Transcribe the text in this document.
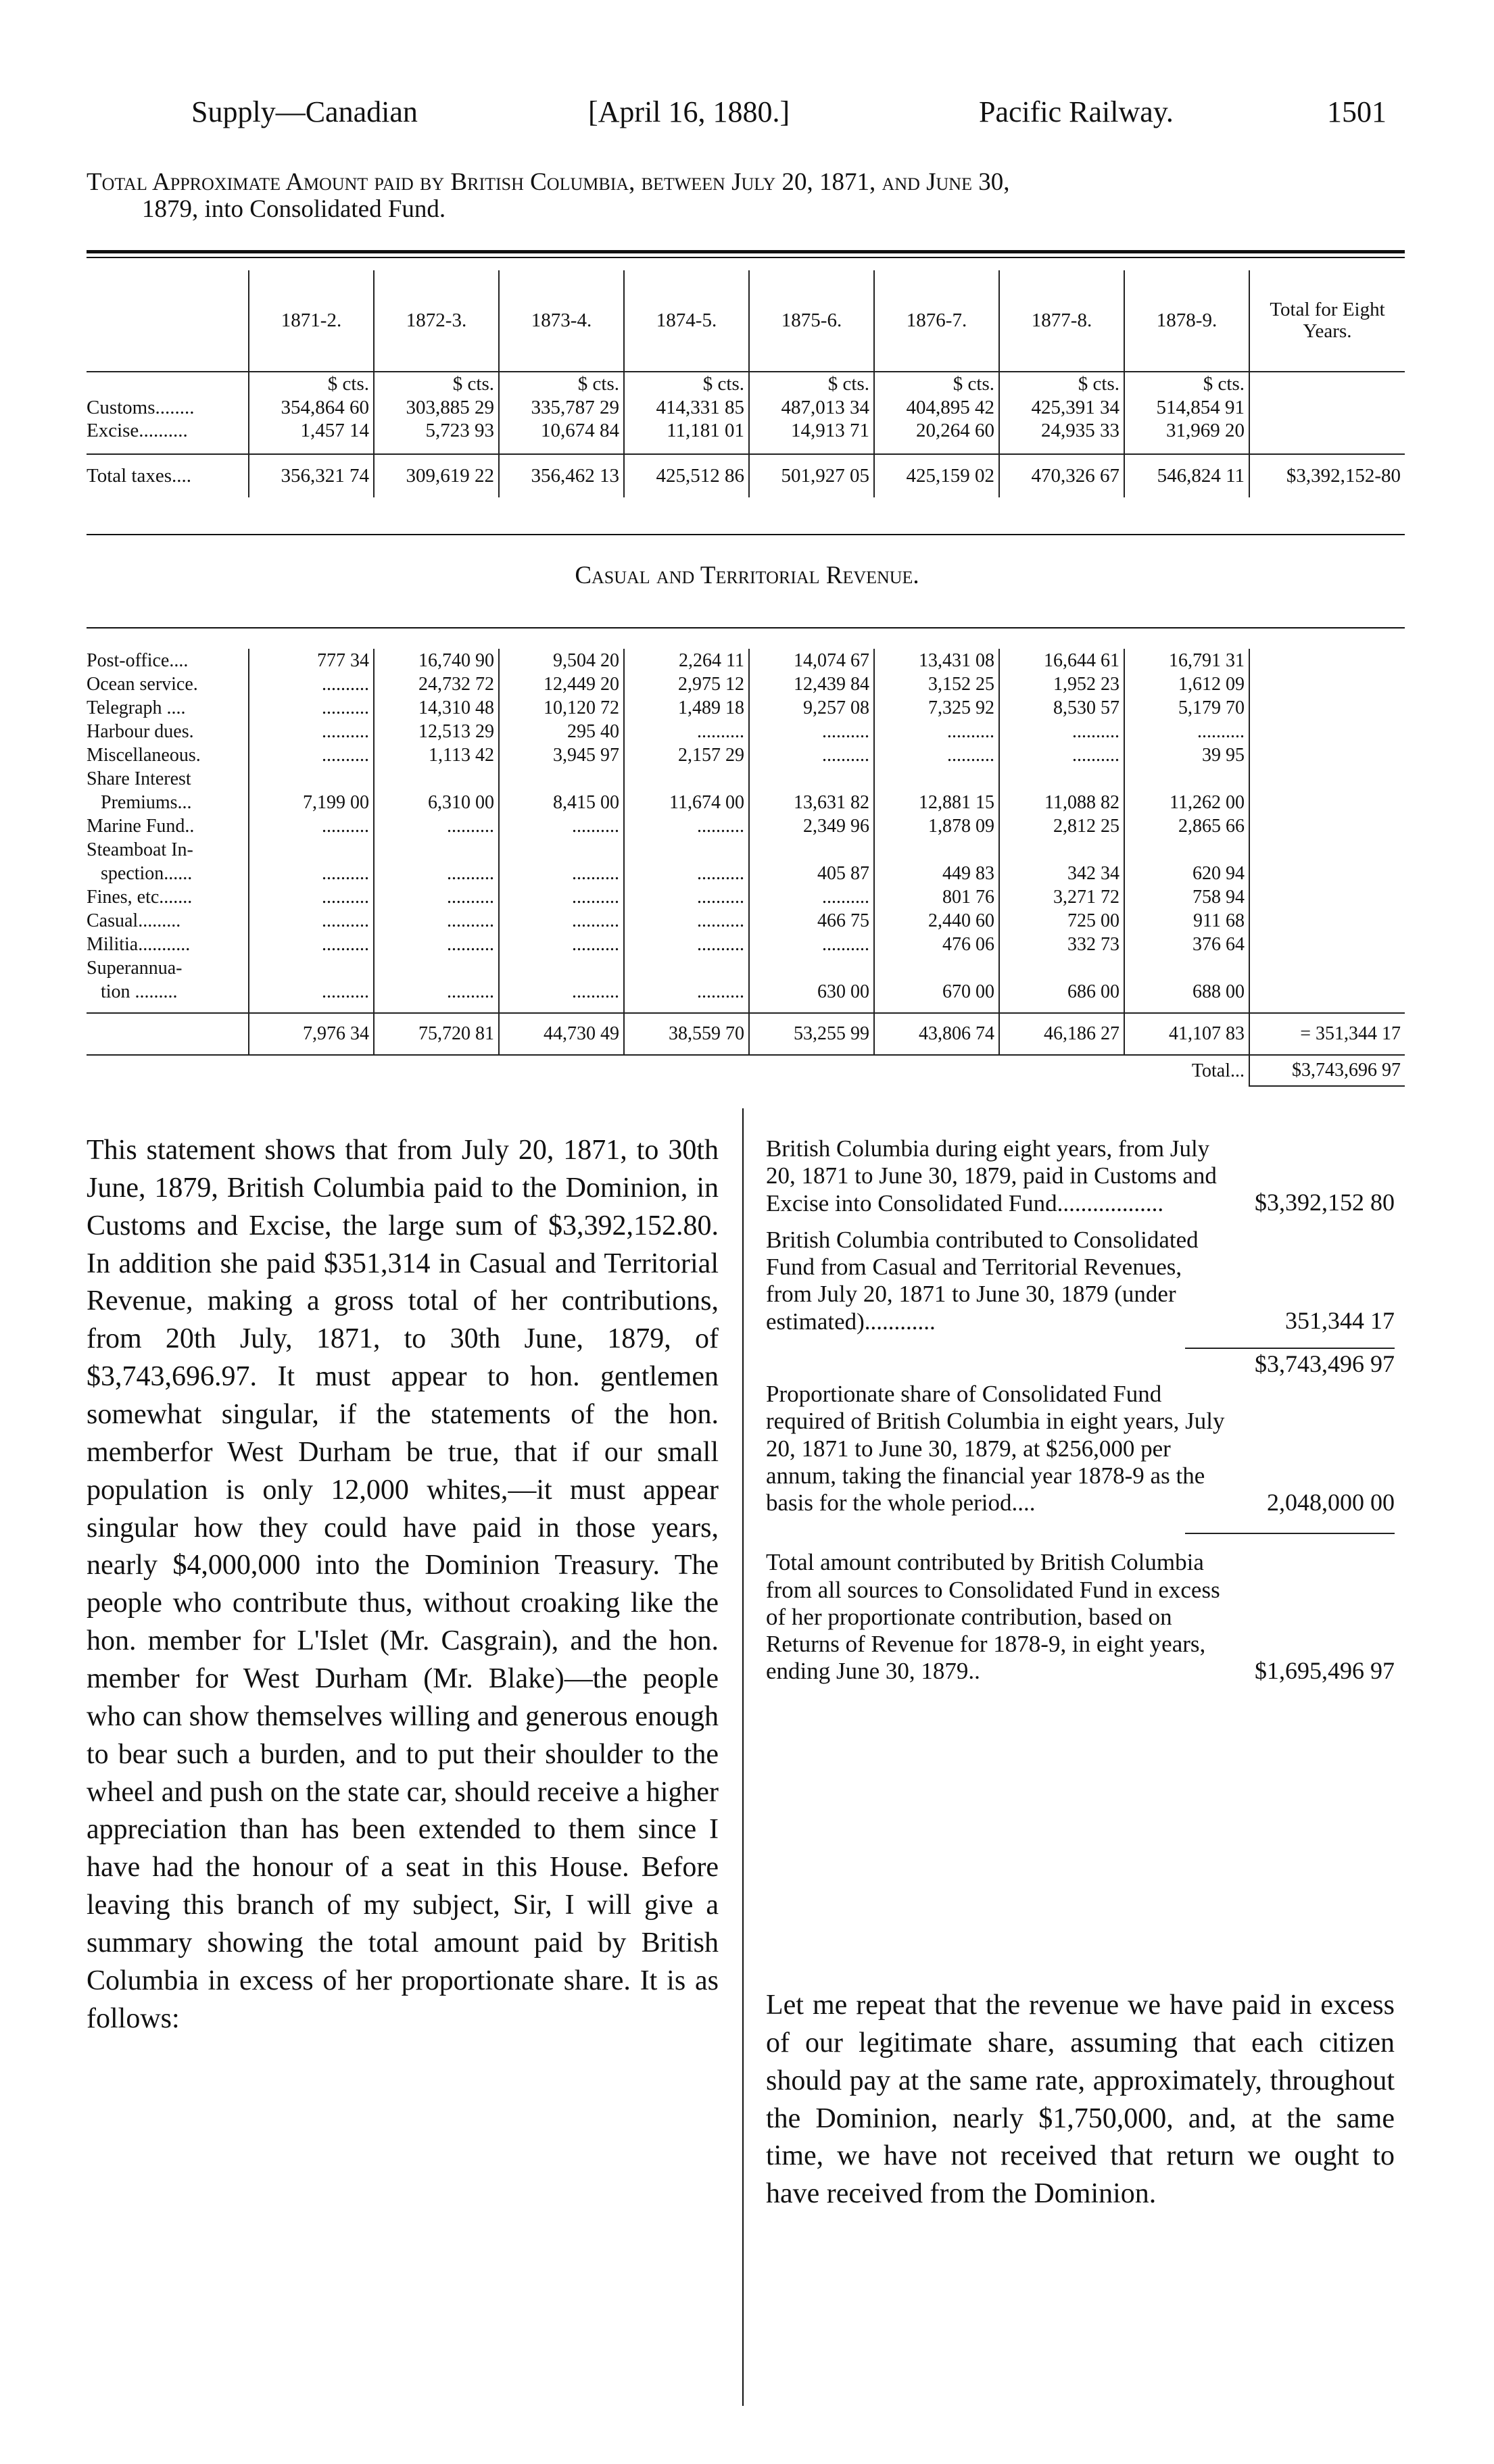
Supply—Canadian	[April 16, 1880.]	Pacific Railway.	1501
Total Approximate Amount paid by British Columbia, between July 20, 1871, and June 30,
1879, into Consolidated Fund.
	1871-2.	1872-3.	1873-4.	1874-5.	1875-6.	1876-7.	1877-8.	1878-9.	Total for Eight Years.
	$ cts.	$ cts.	$ cts.	$ cts.	$ cts.	$ cts.	$ cts.	$ cts.	
Customs........	354,864 60	303,885 29	335,787 29	414,331 85	487,013 34	404,895 42	425,391 34	514,854 91	
Excise..........	1,457 14	5,723 93	10,674 84	11,181 01	14,913 71	20,264 60	24,935 33	31,969 20	

Total taxes....	356,321 74	309,619 22	356,462 13	425,512 86	501,927 05	425,159 02	470,326 67	546,824 11	$3,392,152-80
Casual and Territorial Revenue.
Post-office....	777 34	16,740 90	9,504 20	2,264 11	14,074 67	13,431 08	16,644 61	16,791 31	
Ocean service.	..........	24,732 72	12,449 20	2,975 12	12,439 84	3,152 25	1,952 23	1,612 09	
Telegraph ....	..........	14,310 48	10,120 72	1,489 18	9,257 08	7,325 92	8,530 57	5,179 70	
Harbour dues.	..........	12,513 29	295 40	..........	..........	..........	..........	..........	
Miscellaneous.	..........	1,113 42	3,945 97	2,157 29	..........	..........	..........	39 95	
Share Interest									
Premiums...	7,199 00	6,310 00	8,415 00	11,674 00	13,631 82	12,881 15	11,088 82	11,262 00	
Marine Fund..	..........	..........	..........	..........	2,349 96	1,878 09	2,812 25	2,865 66	
Steamboat In-									
spection......	..........	..........	..........	..........	405 87	449 83	342 34	620 94	
Fines, etc.......	..........	..........	..........	..........	..........	801 76	3,271 72	758 94	
Casual.........	..........	..........	..........	..........	466 75	2,440 60	725 00	911 68	
Militia...........	..........	..........	..........	..........	..........	476 06	332 73	376 64	
Superannua-									
tion .........	..........	..........	..........	..........	630 00	670 00	686 00	688 00	

	7,976 34	75,720 81	44,730 49	38,559 70	53,255 99	43,806 74	46,186 27	41,107 83	= 351,344 17
								Total...	$3,743,696 97
This statement shows that from July 20, 1871, to 30th June, 1879, British Columbia paid to the Dominion, in Customs and Excise, the large sum of $3,392,152.80. In addition she paid $351,314 in Casual and Territorial Revenue, making a gross total of her contributions, from 20th July, 1871, to 30th June, 1879, of $3,743,696.97. It must appear to hon. gentlemen somewhat singular, if the statements of the hon. memberfor West Durham be true, that if our small population is only 12,000 whites,—it must appear singular how they could have paid in those years, nearly $4,000,000 into the Dominion Treasury. The people who contribute thus, without croaking like the hon. member for L'Islet (Mr. Casgrain), and the hon. member for West Durham (Mr. Blake)—the people who can show themselves willing and generous enough to bear such a burden, and to put their shoulder to the wheel and push on the state car, should receive a higher appreciation than has been extended to them since I have had the honour of a seat in this House. Before leaving this branch of my subject, Sir, I will give a summary showing the total amount paid by British Columbia in excess of her proportionate share. It is as follows:
British Columbia during eight years, from July 20, 1871 to June 30, 1879, paid in Customs and Excise into Consolidated Fund..................	$3,392,152 80
British Columbia contributed to Consolidated Fund from Casual and Territorial Revenues, from July 20, 1871 to June 30, 1879 (under estimated)............	351,344 17
$3,743,496 97
Proportionate share of Consolidated Fund required of British Columbia in eight years, July 20, 1871 to June 30, 1879, at $256,000 per annum, taking the financial year 1878-9 as the basis for the whole period....	2,048,000 00
Total amount contributed by British Columbia from all sources to Consolidated Fund in excess of her proportionate contribution, based on Returns of Revenue for 1878-9, in eight years, ending June 30, 1879..	$1,695,496 97
Let me repeat that the revenue we have paid in excess of our legitimate share, assuming that each citizen should pay at the same rate, approximately, throughout the Dominion, nearly $1,750,000, and, at the same time, we have not received that return we ought to have received from the Dominion.
